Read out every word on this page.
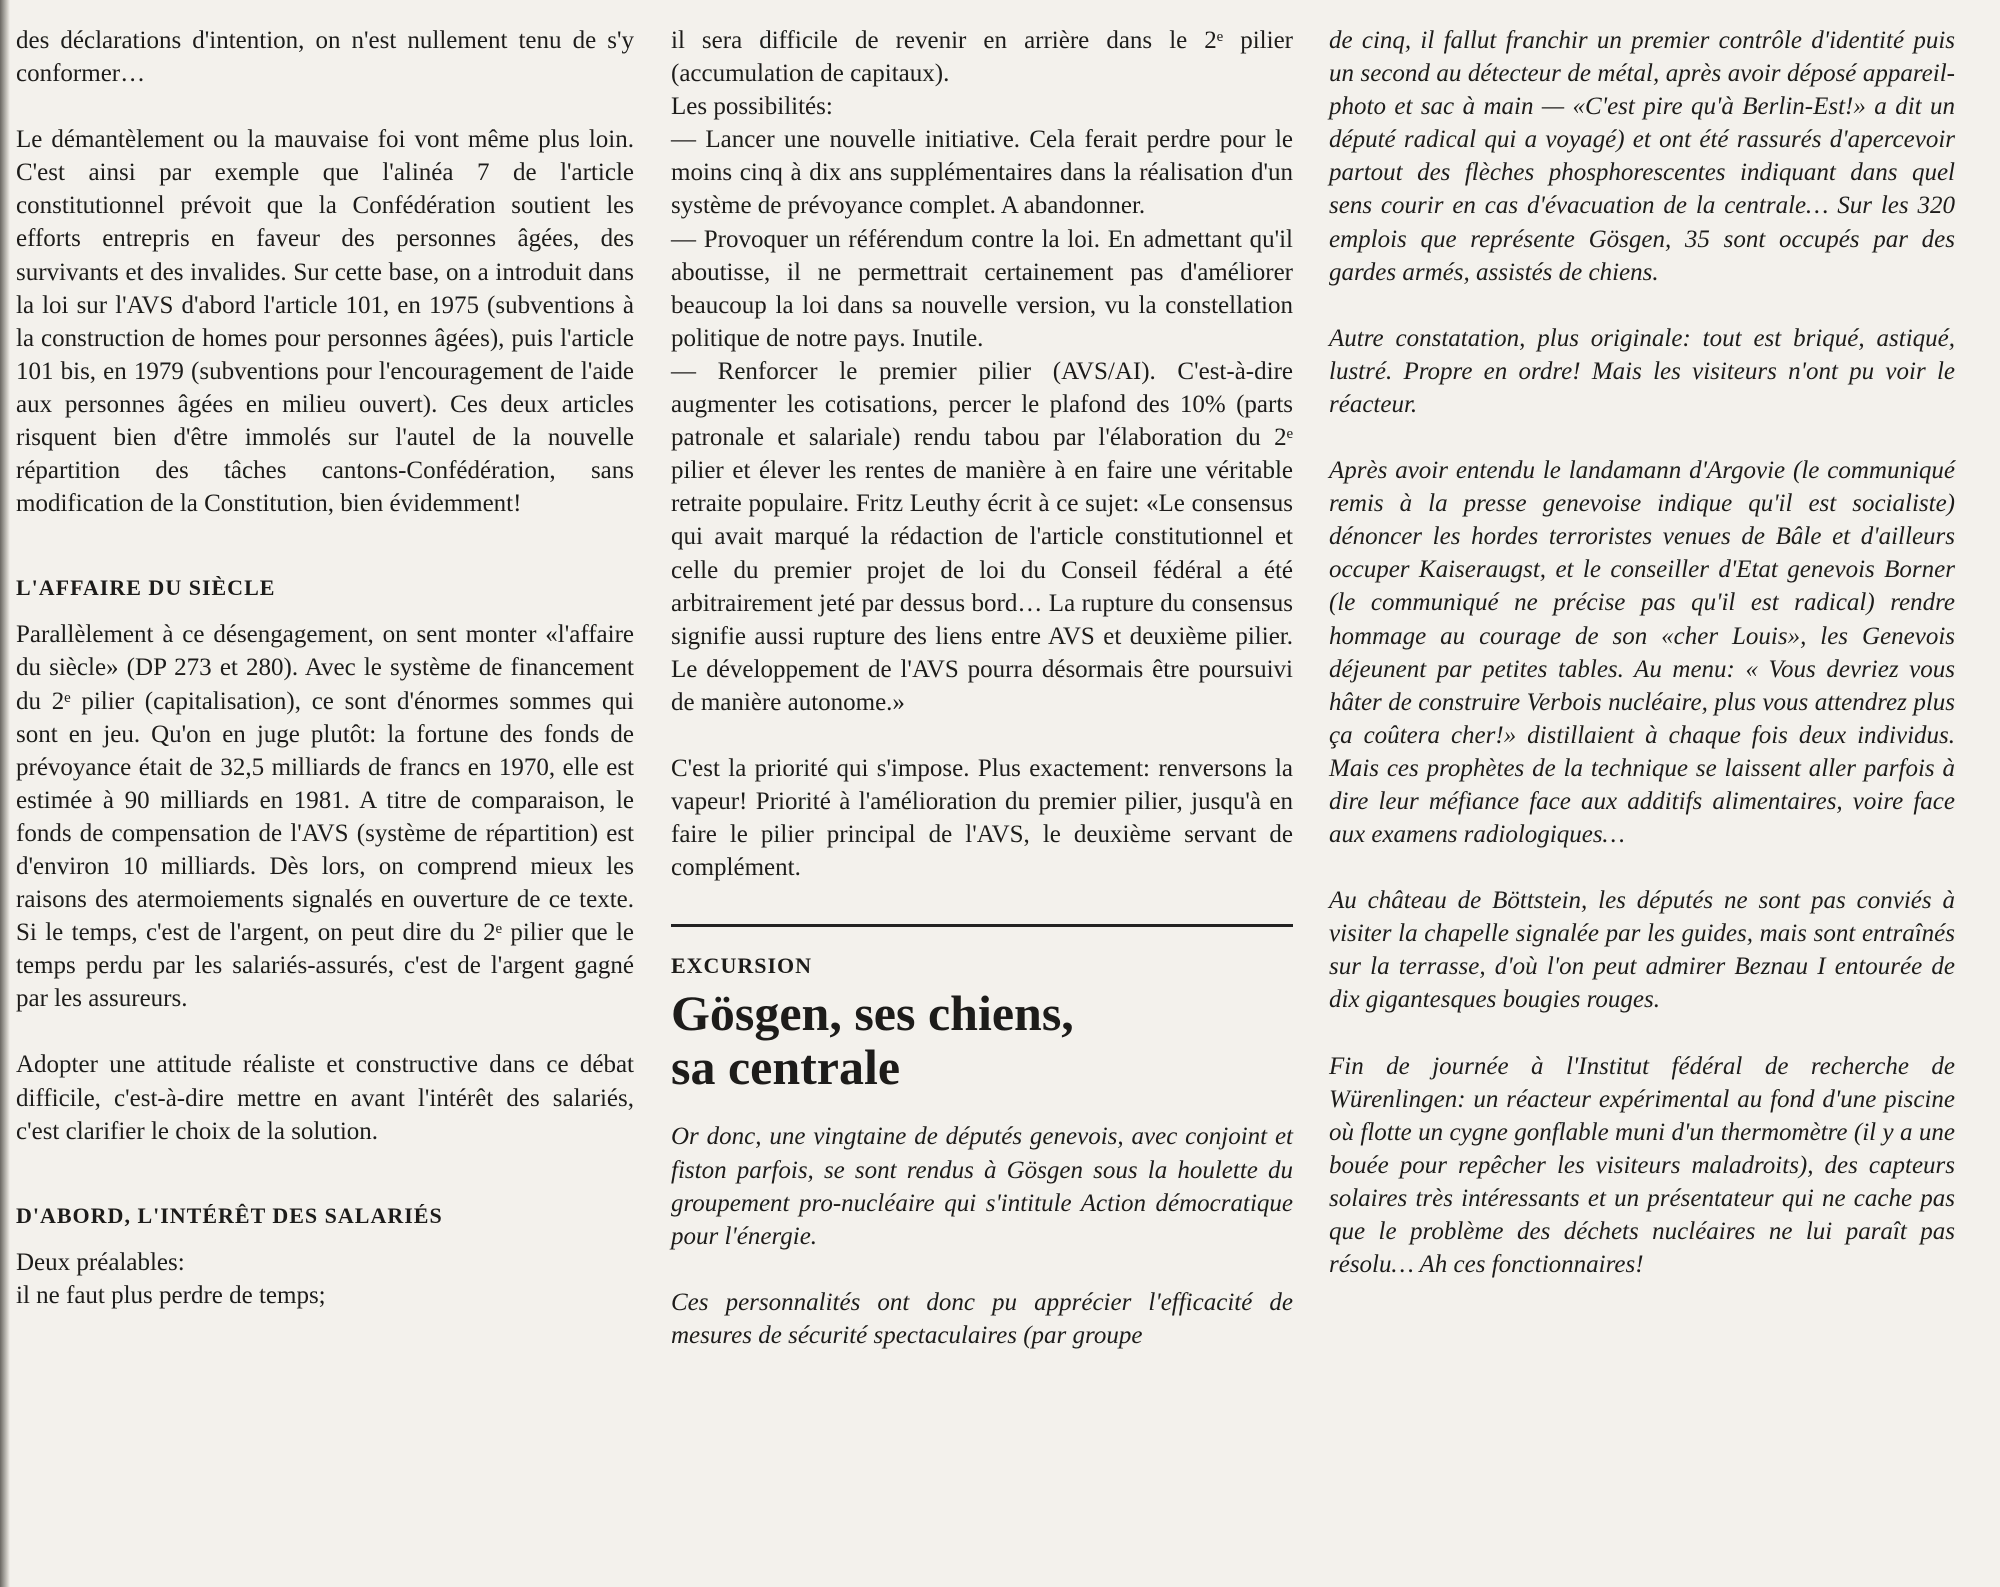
des déclarations d'intention, on n'est nullement tenu de s'y conformer…

Le démantèlement ou la mauvaise foi vont même plus loin. C'est ainsi par exemple que l'alinéa 7 de l'article constitutionnel prévoit que la Confédération soutient les efforts entrepris en faveur des personnes âgées, des survivants et des invalides. Sur cette base, on a introduit dans la loi sur l'AVS d'abord l'article 101, en 1975 (subventions à la construction de homes pour personnes âgées), puis l'article 101 bis, en 1979 (subventions pour l'encouragement de l'aide aux personnes âgées en milieu ouvert). Ces deux articles risquent bien d'être immolés sur l'autel de la nouvelle répartition des tâches cantons-Confédération, sans modification de la Constitution, bien évidemment!

L'AFFAIRE DU SIÈCLE

Parallèlement à ce désengagement, on sent monter «l'affaire du siècle» (DP 273 et 280). Avec le système de financement du 2ᵉ pilier (capitalisation), ce sont d'énormes sommes qui sont en jeu. Qu'on en juge plutôt: la fortune des fonds de prévoyance était de 32,5 milliards de francs en 1970, elle est estimée à 90 milliards en 1981. A titre de comparaison, le fonds de compensation de l'AVS (système de répartition) est d'environ 10 milliards. Dès lors, on comprend mieux les raisons des atermoiements signalés en ouverture de ce texte. Si le temps, c'est de l'argent, on peut dire du 2ᵉ pilier que le temps perdu par les salariés-assurés, c'est de l'argent gagné par les assureurs.

Adopter une attitude réaliste et constructive dans ce débat difficile, c'est-à-dire mettre en avant l'intérêt des salariés, c'est clarifier le choix de la solution.

D'ABORD, L'INTÉRÊT DES SALARIÉS

Deux préalables:

il ne faut plus perdre de temps;

il sera difficile de revenir en arrière dans le 2ᵉ pilier (accumulation de capitaux).

Les possibilités:

— Lancer une nouvelle initiative. Cela ferait perdre pour le moins cinq à dix ans supplémentaires dans la réalisation d'un système de prévoyance complet. A abandonner.
— Provoquer un référendum contre la loi. En admettant qu'il aboutisse, il ne permettrait certainement pas d'améliorer beaucoup la loi dans sa nouvelle version, vu la constellation politique de notre pays. Inutile.
— Renforcer le premier pilier (AVS/AI). C'est-à-dire augmenter les cotisations, percer le plafond des 10% (parts patronale et salariale) rendu tabou par l'élaboration du 2ᵉ pilier et élever les rentes de manière à en faire une véritable retraite populaire. Fritz Leuthy écrit à ce sujet: «Le consensus qui avait marqué la rédaction de l'article constitutionnel et celle du premier projet de loi du Conseil fédéral a été arbitrairement jeté par dessus bord… La rupture du consensus signifie aussi rupture des liens entre AVS et deuxième pilier. Le développement de l'AVS pourra désormais être poursuivi de manière autonome.»

C'est la priorité qui s'impose. Plus exactement: renversons la vapeur! Priorité à l'amélioration du premier pilier, jusqu'à en faire le pilier principal de l'AVS, le deuxième servant de complément.

EXCURSION
Gösgen, ses chiens,
sa centrale

Or donc, une vingtaine de députés genevois, avec conjoint et fiston parfois, se sont rendus à Gösgen sous la houlette du groupement pro-nucléaire qui s'intitule Action démocratique pour l'énergie.

Ces personnalités ont donc pu apprécier l'efficacité de mesures de sécurité spectaculaires (par groupe

de cinq, il fallut franchir un premier contrôle d'identité puis un second au détecteur de métal, après avoir déposé appareil-photo et sac à main — «C'est pire qu'à Berlin-Est!» a dit un député radical qui a voyagé) et ont été rassurés d'apercevoir partout des flèches phosphorescentes indiquant dans quel sens courir en cas d'évacuation de la centrale… Sur les 320 emplois que représente Gösgen, 35 sont occupés par des gardes armés, assistés de chiens.

Autre constatation, plus originale: tout est briqué, astiqué, lustré. Propre en ordre! Mais les visiteurs n'ont pu voir le réacteur.

Après avoir entendu le landamann d'Argovie (le communiqué remis à la presse genevoise indique qu'il est socialiste) dénoncer les hordes terroristes venues de Bâle et d'ailleurs occuper Kaiseraugst, et le conseiller d'Etat genevois Borner (le communiqué ne précise pas qu'il est radical) rendre hommage au courage de son «cher Louis», les Genevois déjeunent par petites tables. Au menu: « Vous devriez vous hâter de construire Verbois nucléaire, plus vous attendrez plus ça coûtera cher!» distillaient à chaque fois deux individus. Mais ces prophètes de la technique se laissent aller parfois à dire leur méfiance face aux additifs alimentaires, voire face aux examens radiologiques…

Au château de Böttstein, les députés ne sont pas conviés à visiter la chapelle signalée par les guides, mais sont entraînés sur la terrasse, d'où l'on peut admirer Beznau I entourée de dix gigantesques bougies rouges.

Fin de journée à l'Institut fédéral de recherche de Würenlingen: un réacteur expérimental au fond d'une piscine où flotte un cygne gonflable muni d'un thermomètre (il y a une bouée pour repêcher les visiteurs maladroits), des capteurs solaires très intéressants et un présentateur qui ne cache pas que le problème des déchets nucléaires ne lui paraît pas résolu… Ah ces fonctionnaires!
